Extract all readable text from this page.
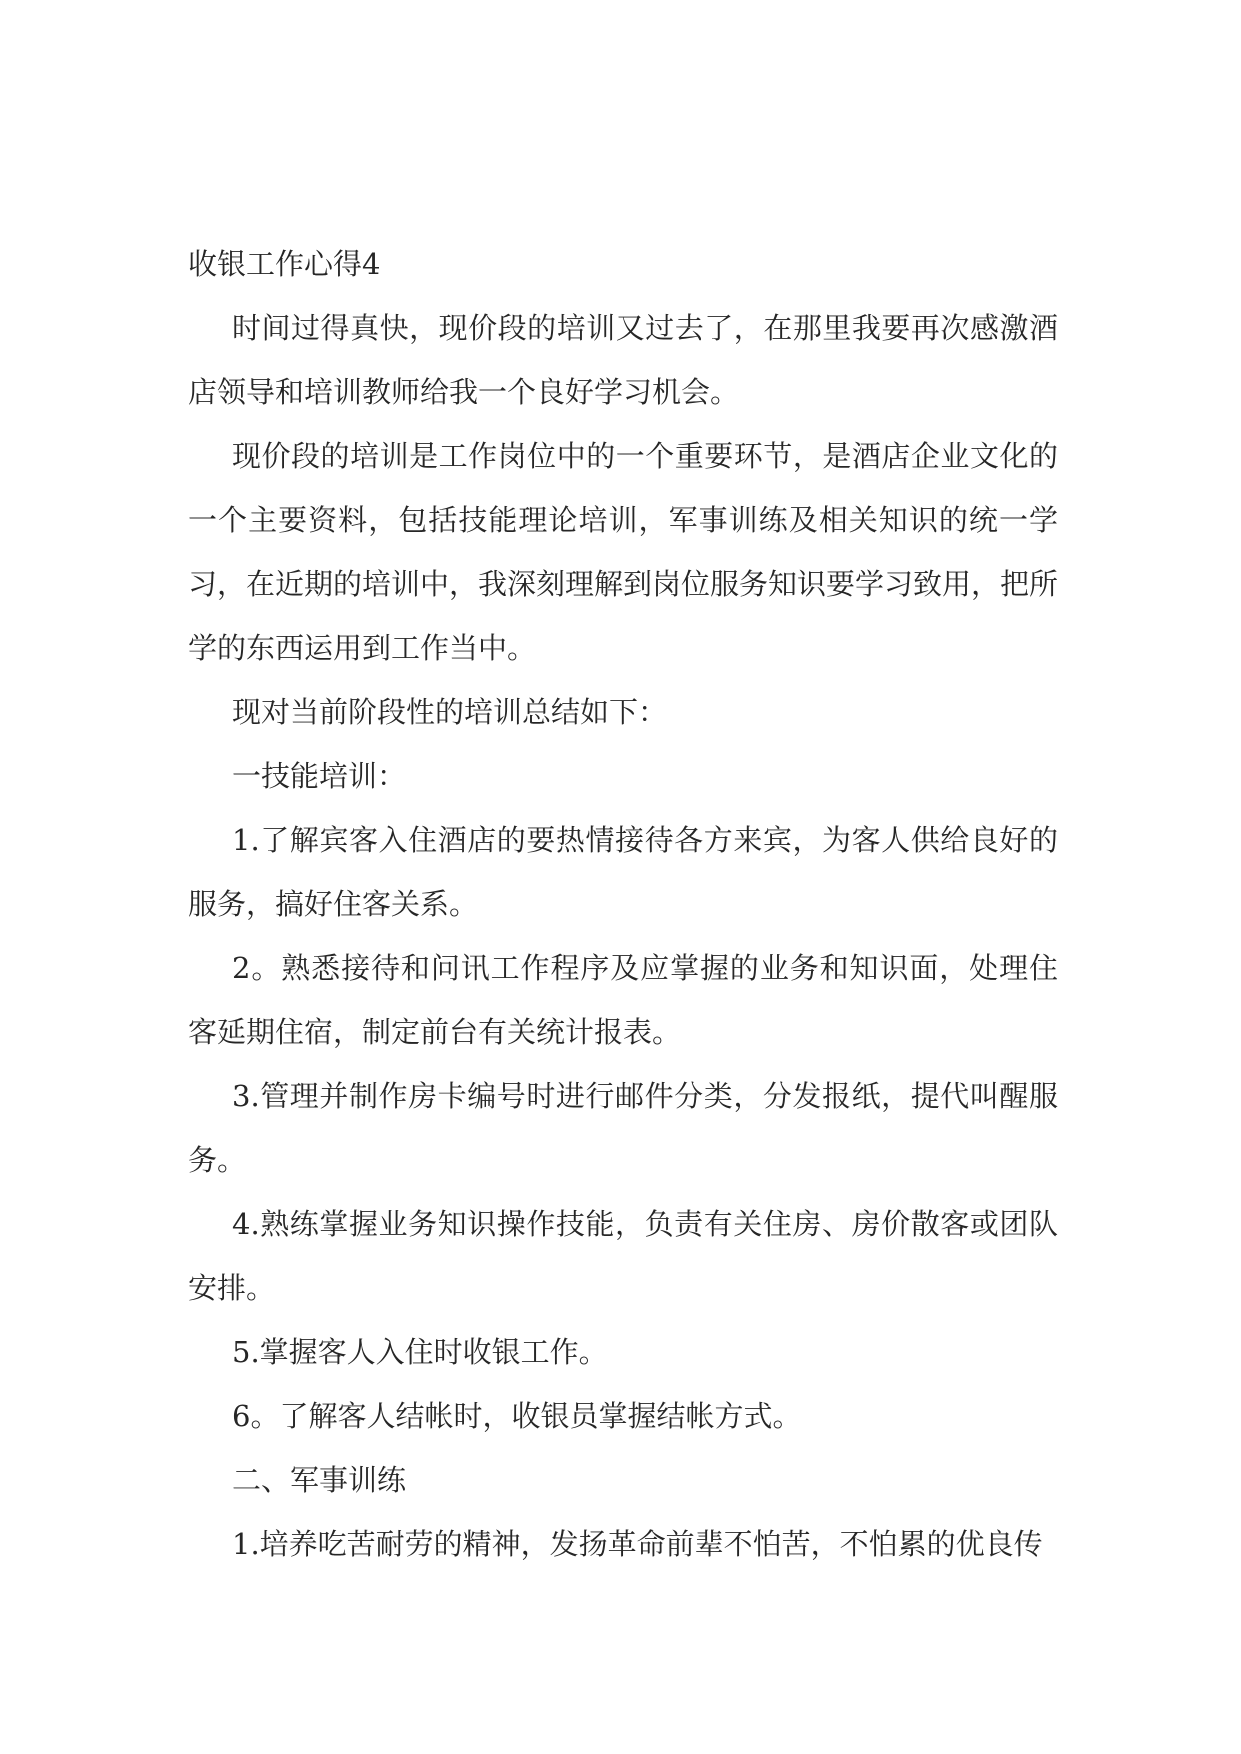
收银工作心得4

时间过得真快，现价段的培训又过去了，在那里我要再次感激酒店领导和培训教师给我一个良好学习机会。

现价段的培训是工作岗位中的一个重要环节，是酒店企业文化的一个主要资料，包括技能理论培训，军事训练及相关知识的统一学习，在近期的培训中，我深刻理解到岗位服务知识要学习致用，把所学的东西运用到工作当中。

现对当前阶段性的培训总结如下：

一技能培训：

1.了解宾客入住酒店的要热情接待各方来宾，为客人供给良好的服务，搞好住客关系。

2。熟悉接待和问讯工作程序及应掌握的业务和知识面，处理住客延期住宿，制定前台有关统计报表。

3.管理并制作房卡编号时进行邮件分类，分发报纸，提代叫醒服务。

4.熟练掌握业务知识操作技能，负责有关住房、房价散客或团队安排。

5.掌握客人入住时收银工作。

6。了解客人结帐时，收银员掌握结帐方式。

二、军事训练

1.培养吃苦耐劳的精神，发扬革命前辈不怕苦，不怕累的优良传
